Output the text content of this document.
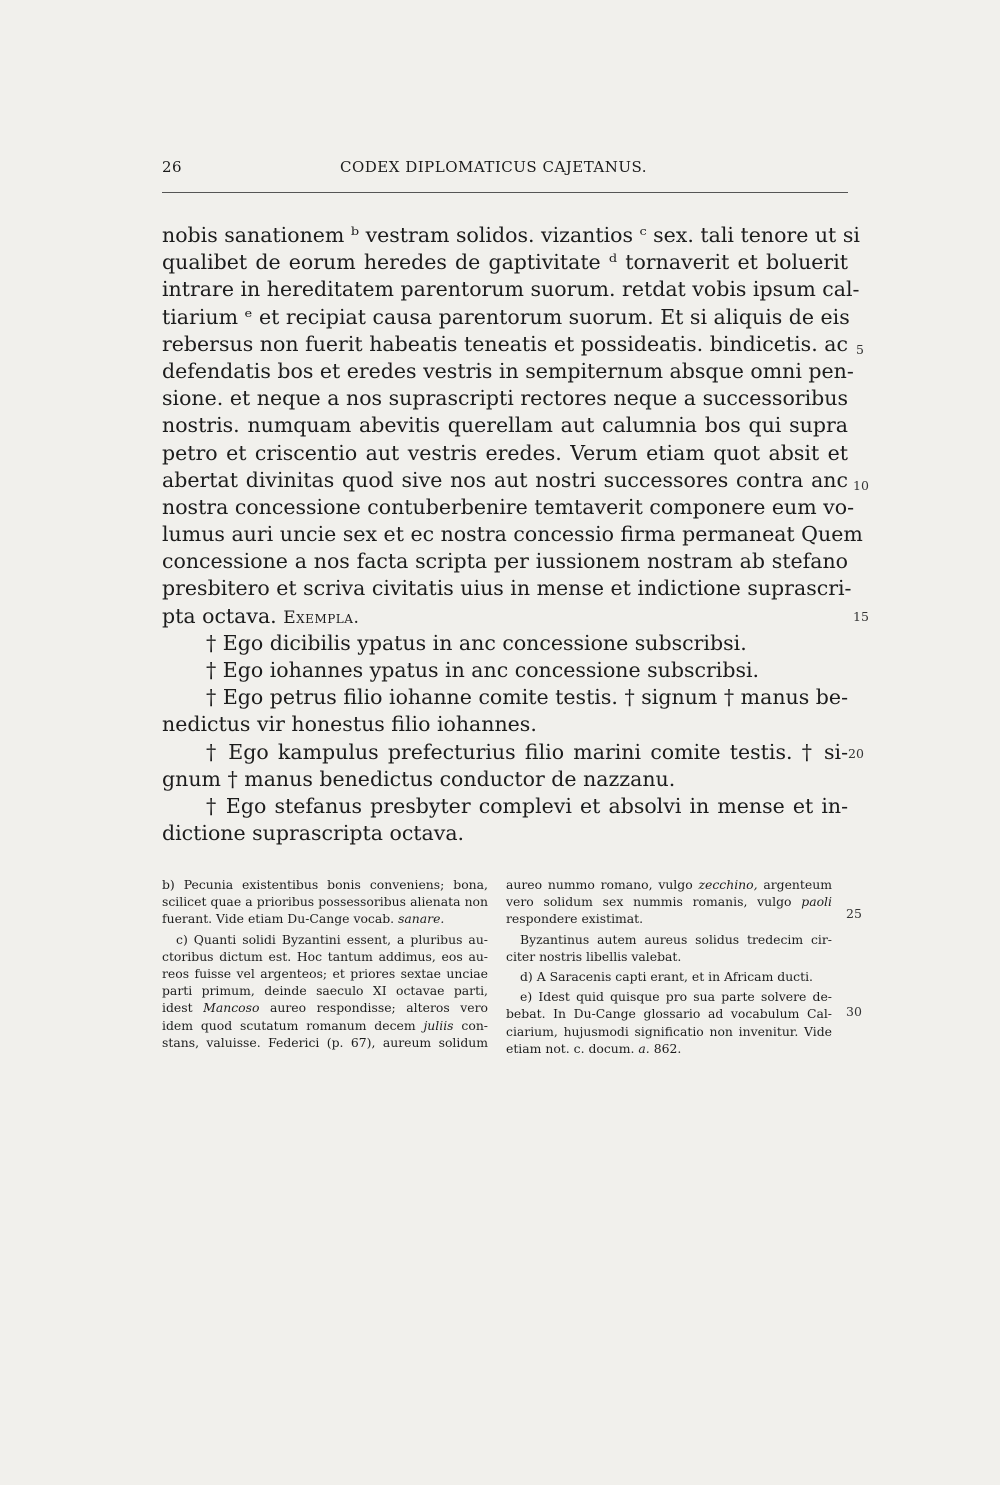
26	CODEX DIPLOMATICUS CAJETANUS.
nobis sanationem ᵇ vestram solidos. vizantios ᶜ sex. tali tenore ut si
qualibet de eorum heredes de gaptivitate ᵈ tornaverit et boluerit
intrare in hereditatem parentorum suorum. retdat vobis ipsum cal-
tiarium ᵉ et recipiat causa parentorum suorum. Et si aliquis de eis
rebersus non fuerit habeatis teneatis et possideatis. bindicetis. ac
defendatis bos et eredes vestris in sempiternum absque omni pen-
sione. et neque a nos suprascripti rectores neque a successoribus
nostris. numquam abevitis querellam aut calumnia bos qui supra
petro et criscentio aut vestris eredes. Verum etiam quot absit et
abertat divinitas quod sive nos aut nostri successores contra anc
nostra concessione contuberbenire temtaverit componere eum vo-
lumus auri uncie sex et ec nostra concessio firma permaneat Quem
concessione a nos facta scripta per iussionem nostram ab stefano
presbitero et scriva civitatis uius in mense et indictione suprascri-
pta octava. Exempla.
† Ego dicibilis ypatus in anc concessione subscribsi.
† Ego iohannes ypatus in anc concessione subscribsi.
† Ego petrus filio iohanne comite testis. † signum † manus be-
nedictus vir honestus filio iohannes.
† Ego kampulus prefecturius filio marini comite testis. † si-
gnum † manus benedictus conductor de nazzanu.
† Ego stefanus presbyter complevi et absolvi in mense et in-
dictione suprascripta octava.
5
10
15
20
25
30
b) Pecunia existentibus bonis conveniens; bona,
scilicet quae a prioribus possessoribus alienata non
fuerant. Vide etiam Du-Cange vocab. sanare.
c) Quanti solidi Byzantini essent, a pluribus au-
ctoribus dictum est. Hoc tantum addimus, eos au-
reos fuisse vel argenteos; et priores sextae unciae
parti primum, deinde saeculo XI octavae parti,
idest Mancoso aureo respondisse; alteros vero
idem quod scutatum romanum decem juliis con-
stans, valuisse. Federici (p. 67), aureum solidum
aureo nummo romano, vulgo zecchino, argenteum
vero solidum sex nummis romanis, vulgo paoli
respondere existimat.
Byzantinus autem aureus solidus tredecim cir-
citer nostris libellis valebat.
d) A Saracenis capti erant, et in Africam ducti.
e) Idest quid quisque pro sua parte solvere de-
bebat. In Du-Cange glossario ad vocabulum Cal-
ciarium, hujusmodi significatio non invenitur. Vide
etiam not. c. docum. a. 862.
